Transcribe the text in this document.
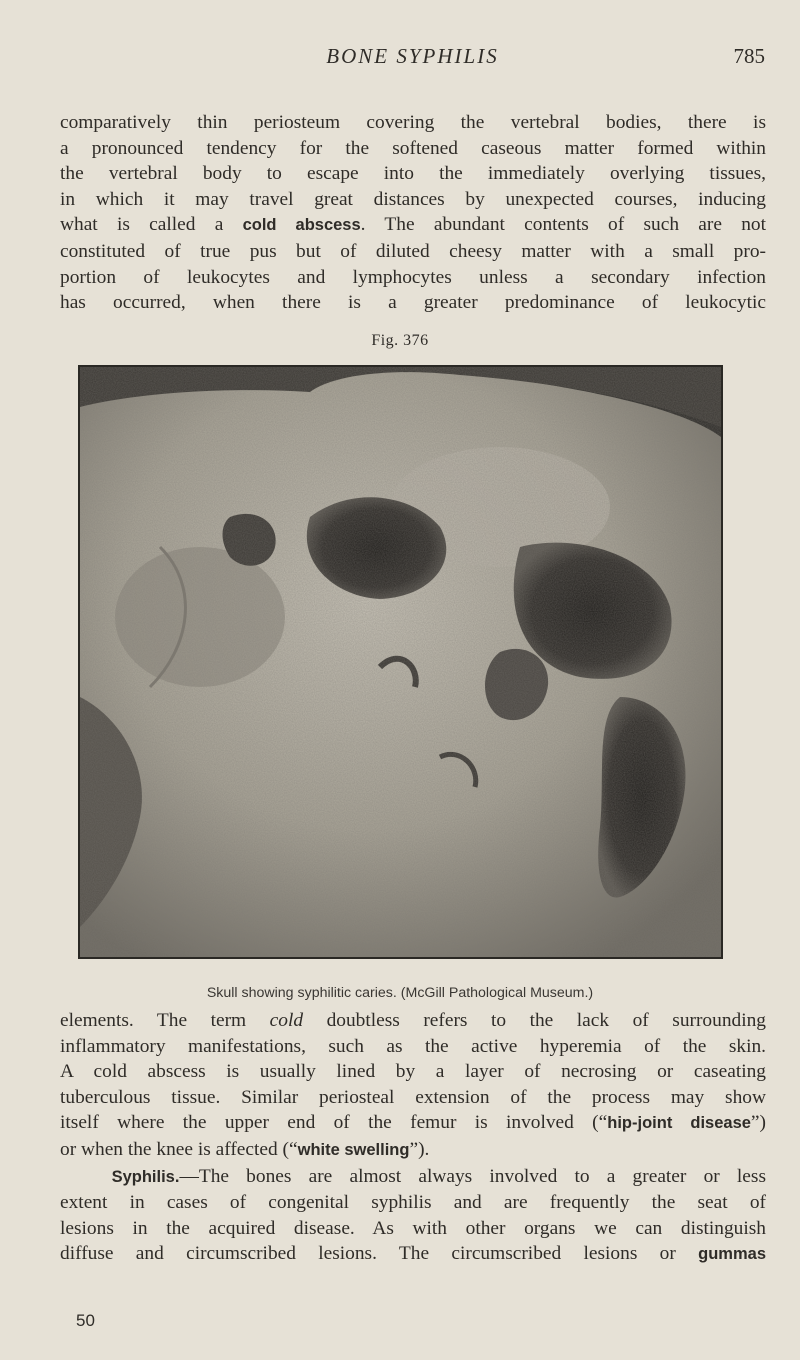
BONE SYPHILIS	785

comparatively thin periosteum covering the vertebral bodies, there is

a pronounced tendency for the softened caseous matter formed within

the vertebral body to escape into the immediately overlying tissues,

in which it may travel great distances by unexpected courses, inducing

what is called a cold abscess. The abundant contents of such are not

constituted of true pus but of diluted cheesy matter with a small pro-

portion of leukocytes and lymphocytes unless a secondary infection

has occurred, when there is a greater predominance of leukocytic

Fig. 376
Skull showing syphilitic caries. (McGill Pathological Museum.)

elements. The term cold doubtless refers to the lack of surrounding

inflammatory manifestations, such as the active hyperemia of the skin.

A cold abscess is usually lined by a layer of necrosing or caseating

tuberculous tissue. Similar periosteal extension of the process may show

itself where the upper end of the femur is involved (“hip-joint disease”)

or when the knee is affected (“white swelling”).

Syphilis.—The bones are almost always involved to a greater or less

extent in cases of congenital syphilis and are frequently the seat of

lesions in the acquired disease. As with other organs we can distinguish

diffuse and circumscribed lesions. The circumscribed lesions or gummas

50
